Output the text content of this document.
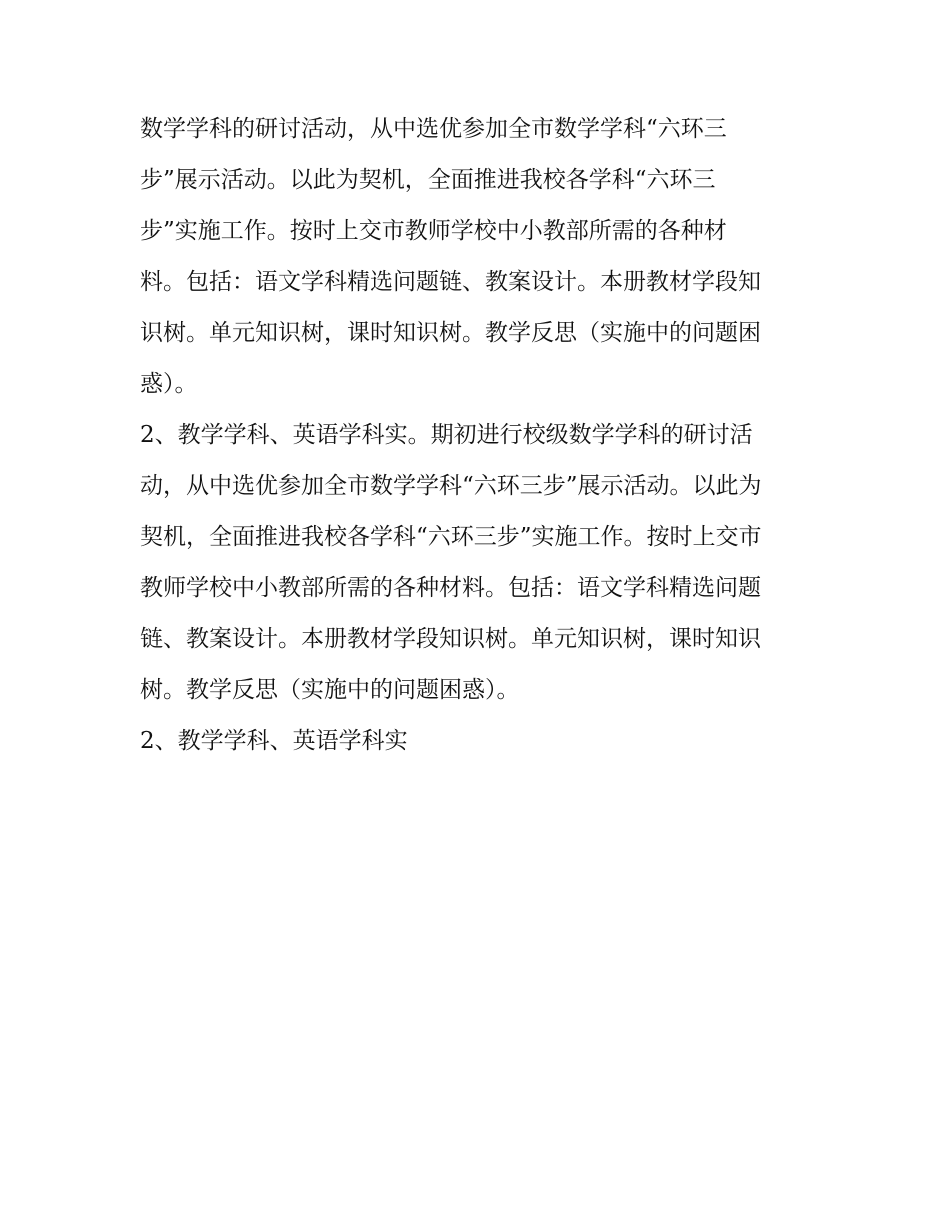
数学学科的研讨活动，从中选优参加全市数学学科“六环三
步”展示活动。以此为契机，全面推进我校各学科“六环三
步”实施工作。按时上交市教师学校中小教部所需的各种材
料。包括：语文学科精选问题链、教案设计。本册教材学段知
识树。单元知识树，课时知识树。教学反思（实施中的问题困
惑）。
2、教学学科、英语学科实。期初进行校级数学学科的研讨活
动，从中选优参加全市数学学科“六环三步”展示活动。以此为
契机，全面推进我校各学科“六环三步”实施工作。按时上交市
教师学校中小教部所需的各种材料。包括：语文学科精选问题
链、教案设计。本册教材学段知识树。单元知识树，课时知识
树。教学反思（实施中的问题困惑）。
2、教学学科、英语学科实
